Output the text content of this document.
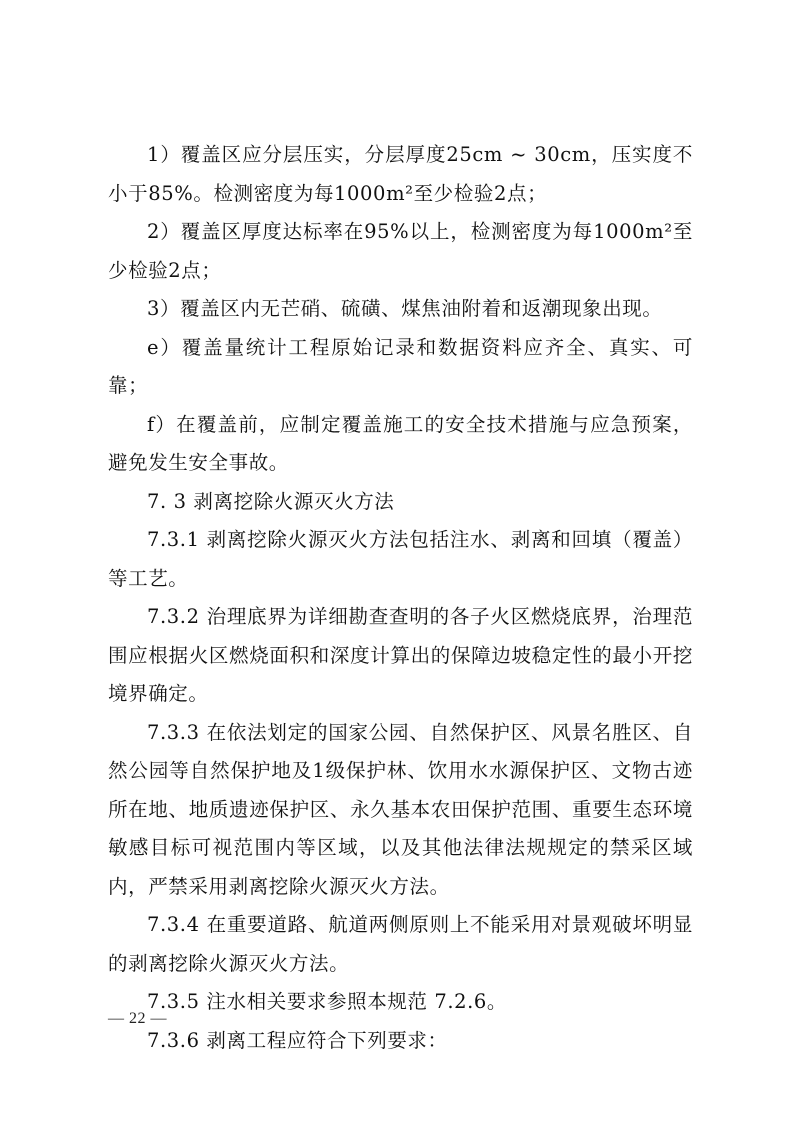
1）覆盖区应分层压实，分层厚度25cm ~ 30cm，压实度不小于85%。检测密度为每1000m²至少检验2点；

2）覆盖区厚度达标率在95%以上，检测密度为每1000m²至少检验2点；

3）覆盖区内无芒硝、硫磺、煤焦油附着和返潮现象出现。

e）覆盖量统计工程原始记录和数据资料应齐全、真实、可靠；

f）在覆盖前，应制定覆盖施工的安全技术措施与应急预案，避免发生安全事故。

7. 3 剥离挖除火源灭火方法

7.3.1 剥离挖除火源灭火方法包括注水、剥离和回填（覆盖）等工艺。

7.3.2 治理底界为详细勘查查明的各子火区燃烧底界，治理范围应根据火区燃烧面积和深度计算出的保障边坡稳定性的最小开挖境界确定。

7.3.3 在依法划定的国家公园、自然保护区、风景名胜区、自然公园等自然保护地及1级保护林、饮用水水源保护区、文物古迹所在地、地质遗迹保护区、永久基本农田保护范围、重要生态环境敏感目标可视范围内等区域，以及其他法律法规规定的禁采区域内，严禁采用剥离挖除火源灭火方法。

7.3.4 在重要道路、航道两侧原则上不能采用对景观破坏明显的剥离挖除火源灭火方法。

7.3.5 注水相关要求参照本规范 7.2.6。

7.3.6 剥离工程应符合下列要求：

— 22 —
